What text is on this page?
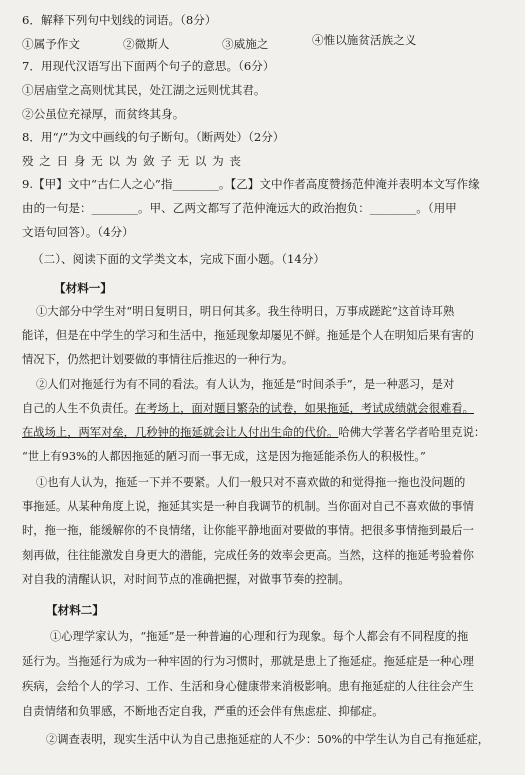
6．解释下列句中划线的词语。（8分）
①属予作文	②微斯人	③威施之	④惟以施贫活族之义
7．用现代汉语写出下面两个句子的意思。（6分）
①居庙堂之高则忧其民，处江湖之远则忧其君。
②公虽位充禄厚，而贫终其身。
8．用“/”为文中画线的句子断句。（断两处）（2分）
殁 之 日 身 无 以 为 敛 子 无 以 为 丧
9.【甲】文中“古仁人之心”指________。【乙】文中作者高度赞扬范仲淹并表明本文写作缘
由的一句是：________。甲、乙两文都写了范仲淹远大的政治抱负：________。（用甲
文语句回答）。（4分）
（二）、阅读下面的文学类文本，完成下面小题。（14分）
【材料一】
①大部分中学生对“明日复明日，明日何其多。我生待明日，万事成蹉跎”这首诗耳熟
能详，但是在中学生的学习和生活中，拖延现象却屡见不鲜。拖延是个人在明知后果有害的
情况下，仍然把计划要做的事情往后推迟的一种行为。
②人们对拖延行为有不同的看法。有人认为，拖延是“时间杀手”，是一种恶习，是对
自己的人生不负责任。在考场上，面对题目繁杂的试卷，如果拖延，考试成绩就会很难看。
在战场上，两军对垒，几秒钟的拖延就会让人付出生命的代价。哈佛大学著名学者哈里克说：
“世上有93%的人都因拖延的陋习而一事无成，这是因为拖延能杀伤人的积极性。”
①也有人认为，拖延一下并不要紧。人们一般只对不喜欢做的和觉得拖一拖也没问题的
事拖延。从某种角度上说，拖延其实是一种自我调节的机制。当你面对自己不喜欢做的事情
时，拖一拖，能缓解你的不良情绪，让你能平静地面对要做的事情。把很多事情拖到最后一
刻再做，往往能激发自身更大的潜能，完成任务的效率会更高。当然，这样的拖延考验着你
对自我的清醒认识，对时间节点的准确把握，对做事节奏的控制。
【材料二】
①心理学家认为，“拖延”是一种普遍的心理和行为现象。每个人都会有不同程度的拖
延行为。当拖延行为成为一种牢固的行为习惯时，那就是患上了拖延症。拖延症是一种心理
疾病，会给个人的学习、工作、生活和身心健康带来消极影响。患有拖延症的人往往会产生
自责情绪和负罪感，不断地否定自我，严重的还会伴有焦虑症、抑郁症。
②调查表明，现实生活中认为自己患拖延症的人不少：50%的中学生认为自己有拖延症，
